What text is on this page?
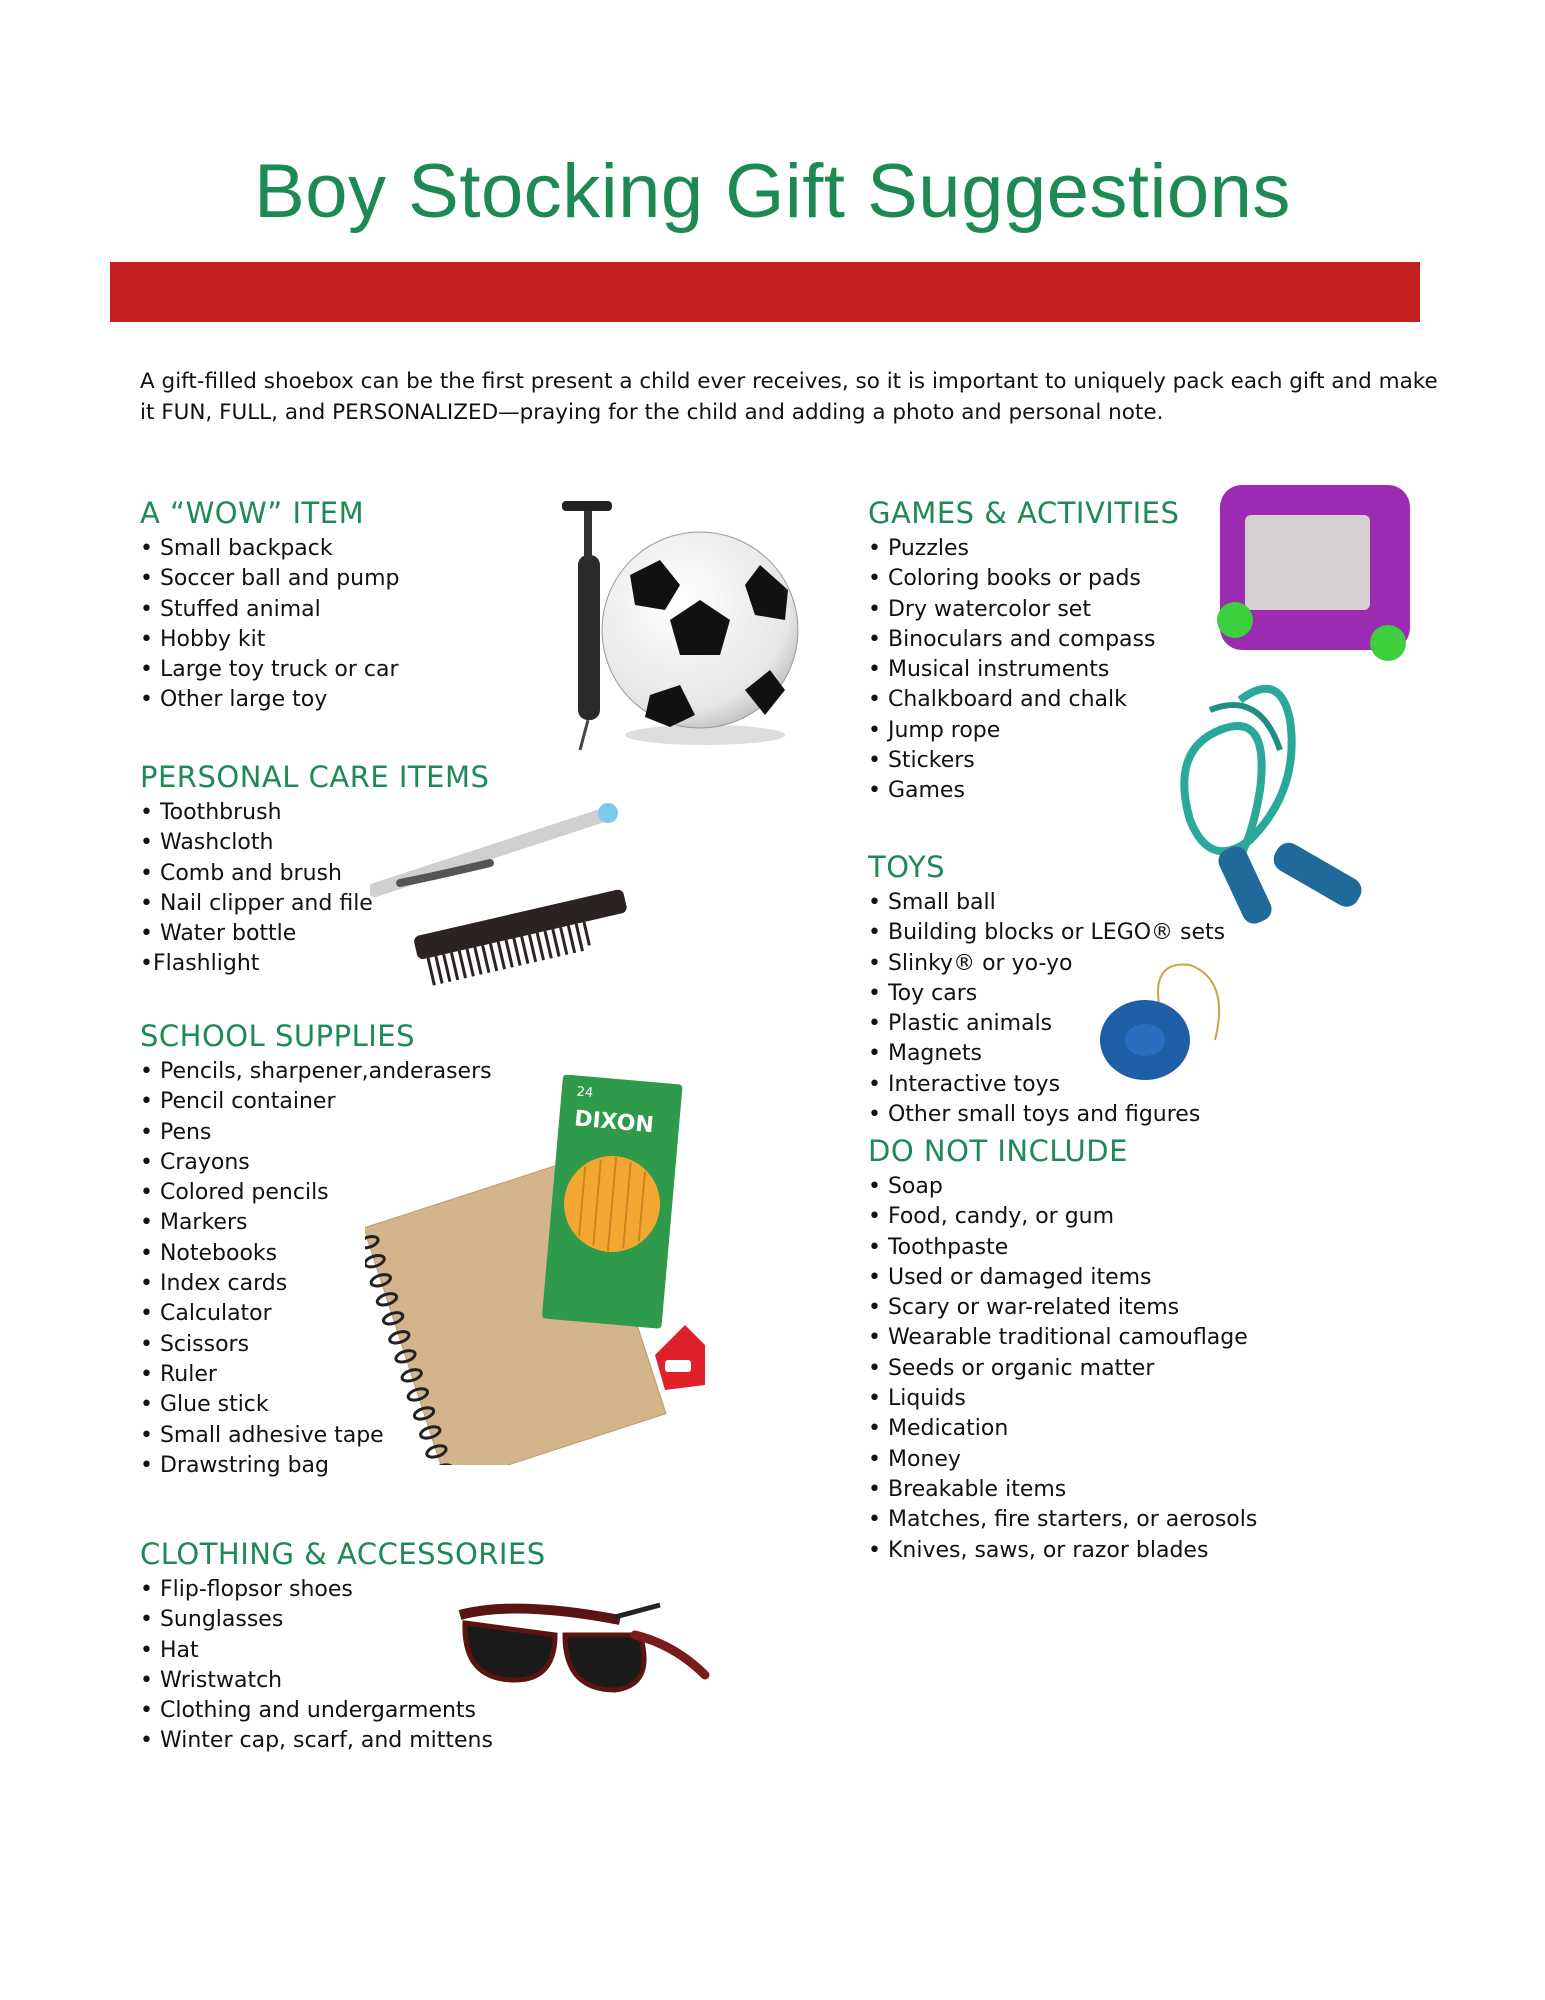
Boy Stocking Gift Suggestions

A gift-filled shoebox can be the first present a child ever receives, so it is important to uniquely pack each gift and make it FUN, FULL, and PERSONALIZED—praying for the child and adding a photo and personal note.

A “WOW” ITEM
• Small backpack
• Soccer ball and pump
• Stuffed animal
• Hobby kit
• Large toy truck or car
• Other large toy
PERSONAL CARE ITEMS
• Toothbrush
• Washcloth
• Comb and brush
• Nail clipper and file
• Water bottle
•Flashlight
SCHOOL SUPPLIES
• Pencils, sharpener,anderasers
• Pencil container
• Pens
• Crayons
• Colored pencils
• Markers
• Notebooks
• Index cards
• Calculator
• Scissors
• Ruler
• Glue stick
• Small adhesive tape
• Drawstring bag
CLOTHING & ACCESSORIES
• Flip-flopsor shoes
• Sunglasses
• Hat
• Wristwatch
• Clothing and undergarments
• Winter cap, scarf, and mittens
GAMES & ACTIVITIES
• Puzzles
• Coloring books or pads
• Dry watercolor set
• Binoculars and compass
• Musical instruments
• Chalkboard and chalk
• Jump rope
• Stickers
• Games
TOYS
• Small ball
• Building blocks or LEGO® sets
• Slinky® or yo-yo
• Toy cars
• Plastic animals
• Magnets
• Interactive toys
• Other small toys and figures
DO NOT INCLUDE
• Soap
• Food, candy, or gum
• Toothpaste
• Used or damaged items
• Scary or war-related items
• Wearable traditional camouflage
• Seeds or organic matter
• Liquids
• Medication
• Money
• Breakable items
• Matches, fire starters, or aerosols
• Knives, saws, or razor blades
24
DIXON
